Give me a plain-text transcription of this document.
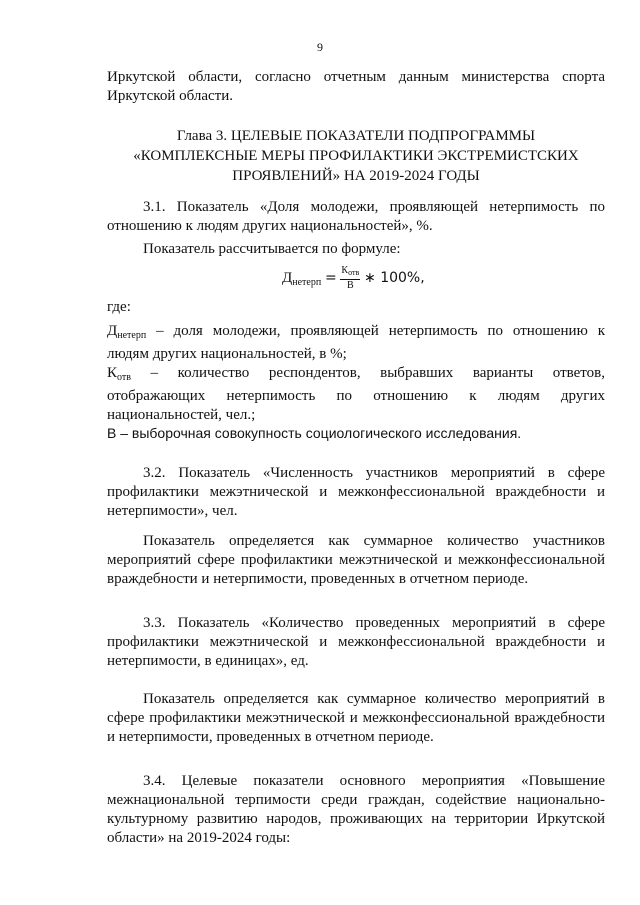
9
Иркутской области, согласно отчетным данным министерства спорта
Иркутской области.
Глава 3. ЦЕЛЕВЫЕ ПОКАЗАТЕЛИ ПОДПРОГРАММЫ
«КОМПЛЕКСНЫЕ МЕРЫ ПРОФИЛАКТИКИ ЭКСТРЕМИСТСКИХ
ПРОЯВЛЕНИЙ» НА 2019-2024 ГОДЫ
3.1. Показатель «Доля молодежи, проявляющей нетерпимость по
отношению к людям других национальностей», %.
Показатель рассчитывается по формуле:
$Д_{нетерп} = \frac{К_{отв}}{В}$ ∗ 100%,
где:
$Д_{нетерп}$ – доля молодежи, проявляющей нетерпимость по отношению к
людям других национальностей, в %;
$К_{отв}$ – количество респондентов, выбравших варианты ответов,
отображающих нетерпимость по отношению к людям других
национальностей, чел.;
В – выборочная совокупность социологического исследования.
3.2. Показатель «Численность участников мероприятий в сфере
профилактики межэтнической и межконфессиональной враждебности и
нетерпимости», чел.
Показатель определяется как суммарное количество участников
мероприятий сфере профилактики межэтнической и межконфессиональной
враждебности и нетерпимости, проведенных в отчетном периоде.
3.3. Показатель «Количество проведенных мероприятий в сфере
профилактики межэтнической и межконфессиональной враждебности и
нетерпимости, в единицах», ед.
Показатель определяется как суммарное количество мероприятий в
сфере профилактики межэтнической и межконфессиональной враждебности
и нетерпимости, проведенных в отчетном периоде.
3.4. Целевые показатели основного мероприятия «Повышение
межнациональной терпимости среди граждан, содействие национально-
культурному развитию народов, проживающих на территории Иркутской
области» на 2019-2024 годы:
